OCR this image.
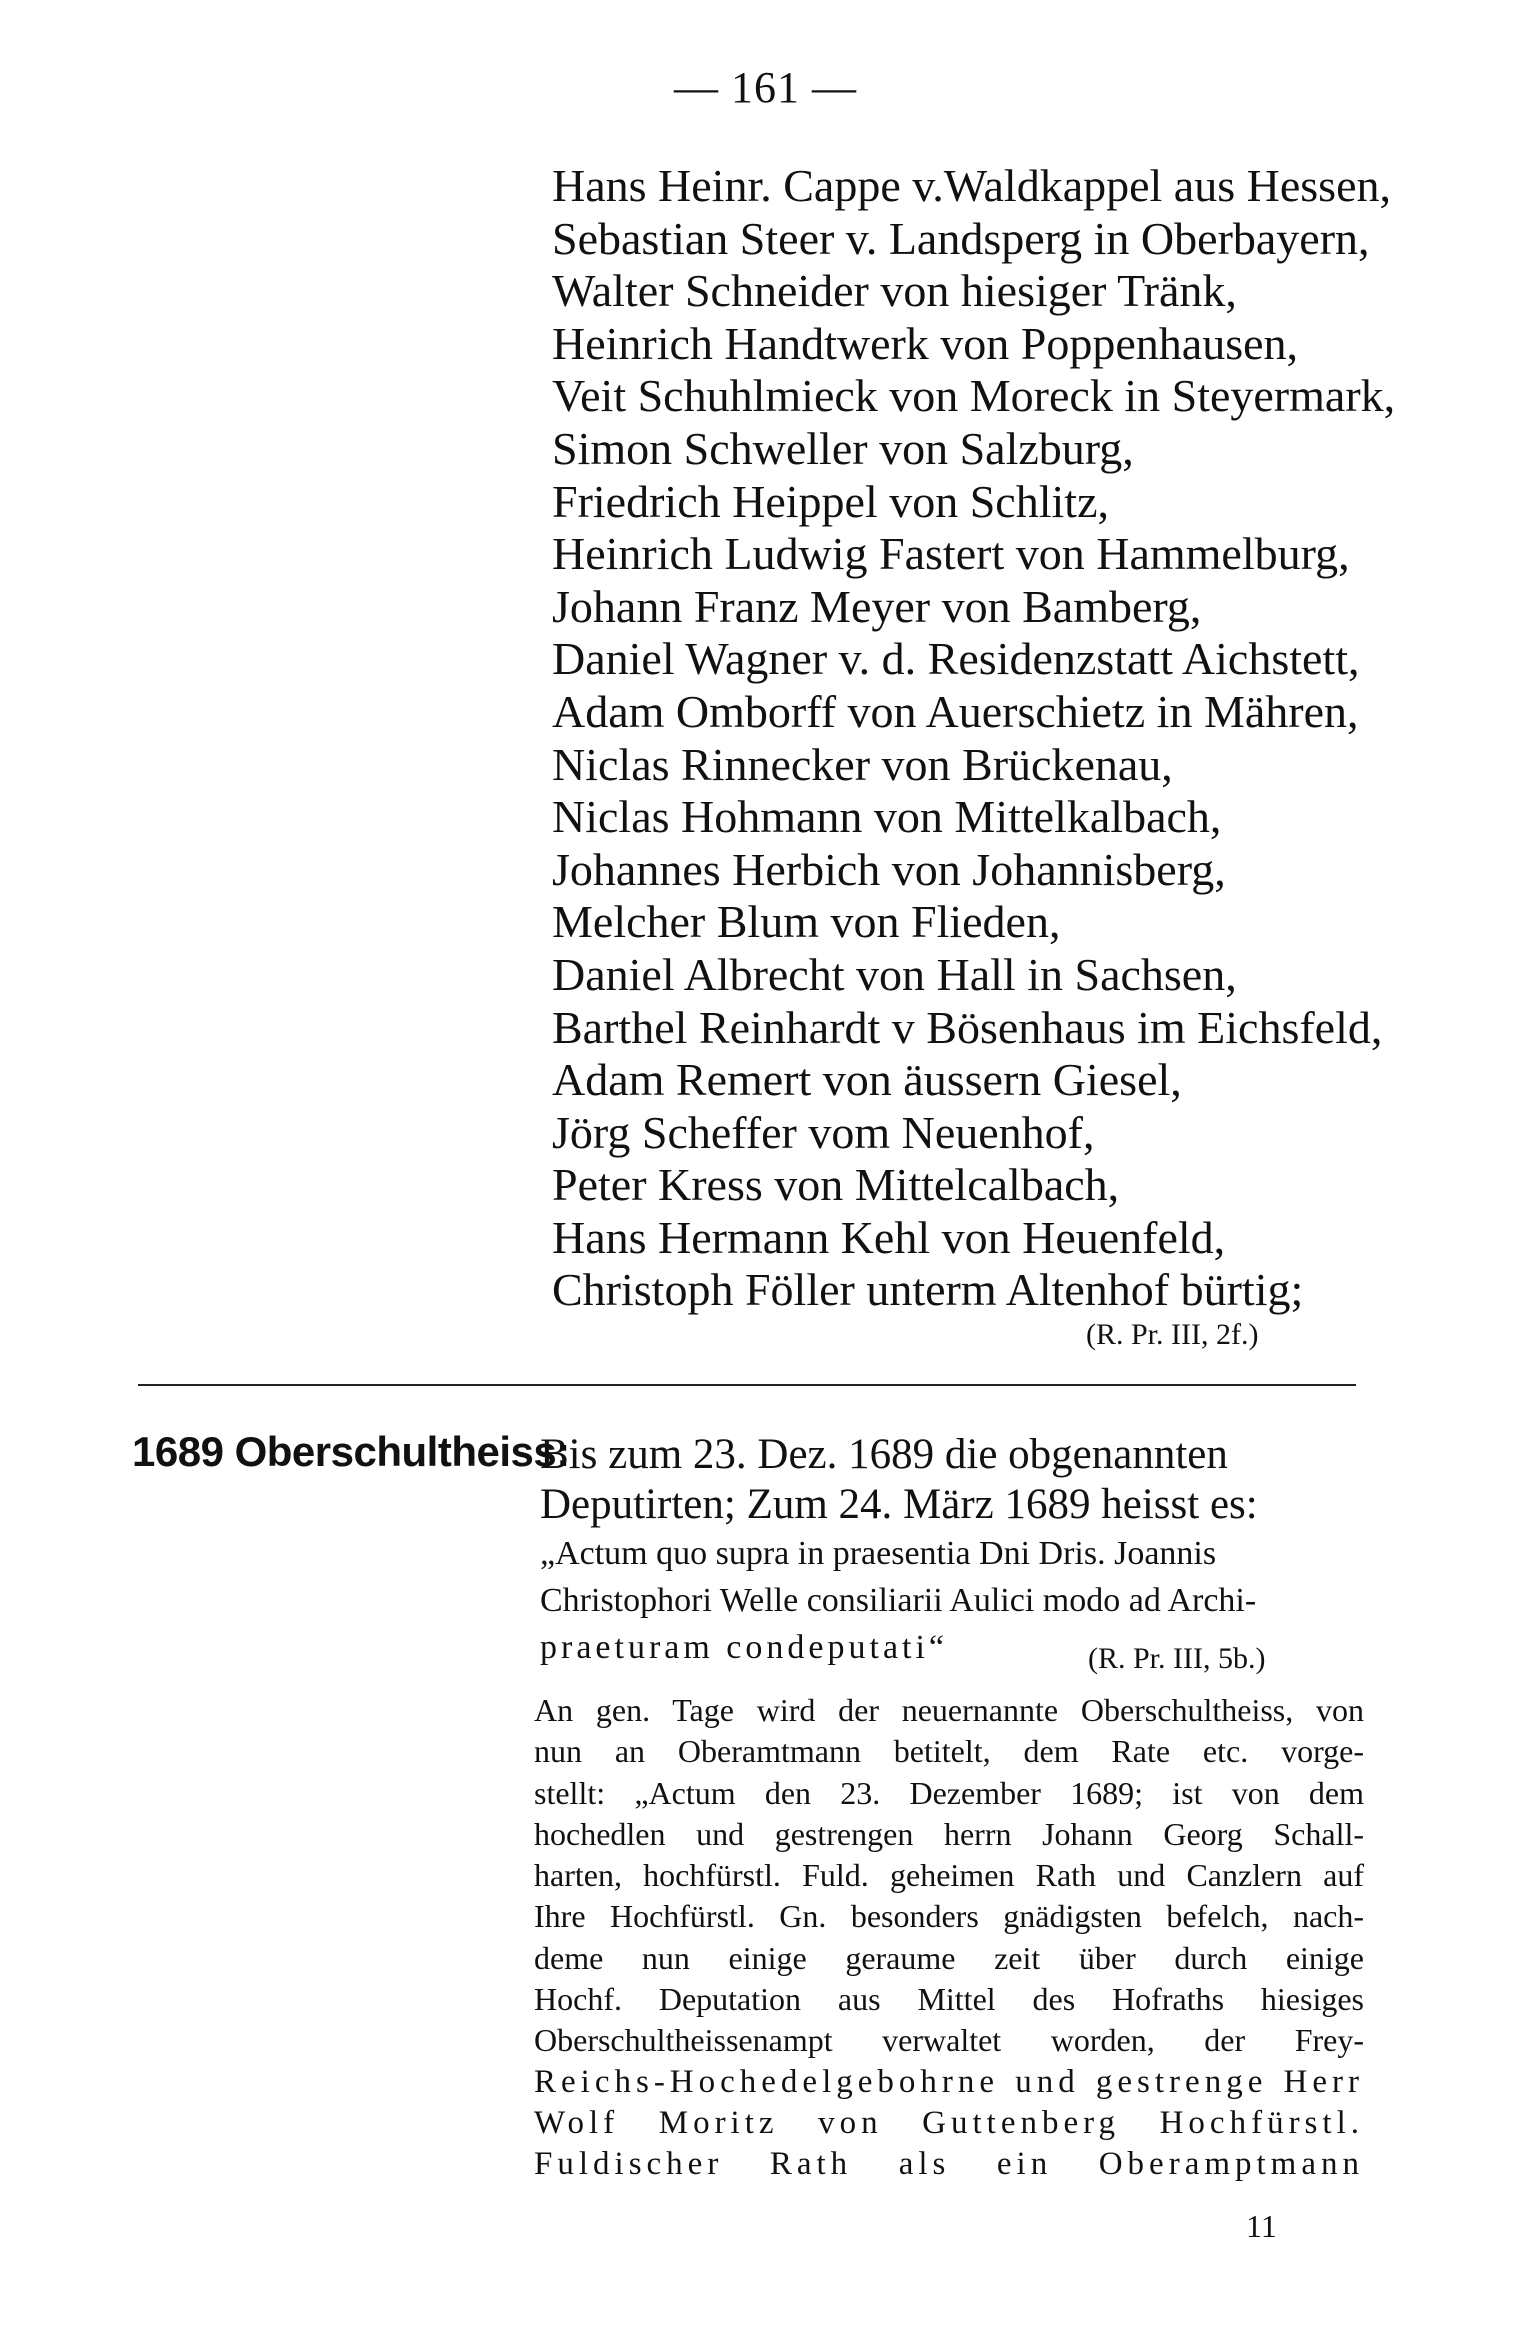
— 161 —
Hans Heinr. Cappe v.Waldkappel aus Hessen,
Sebastian Steer v. Landsperg in Oberbayern,
Walter Schneider von hiesiger Tränk,
Heinrich Handtwerk von Poppenhausen,
Veit Schuhlmieck von Moreck in Steyermark,
Simon Schweller von Salzburg,
Friedrich Heippel von Schlitz,
Heinrich Ludwig Fastert von Hammelburg,
Johann Franz Meyer von Bamberg,
Daniel Wagner v. d. Residenzstatt Aichstett,
Adam Omborff von Auerschietz in Mähren,
Niclas Rinnecker von Brückenau,
Niclas Hohmann von Mittelkalbach,
Johannes Herbich von Johannisberg,
Melcher Blum von Flieden,
Daniel Albrecht von Hall in Sachsen,
Barthel Reinhardt v Bösenhaus im Eichsfeld,
Adam Remert von äussern Giesel,
Jörg Scheffer vom Neuenhof,
Peter Kress von Mittelcalbach,
Hans Hermann Kehl von Heuenfeld,
Christoph Föller unterm Altenhof bürtig;
(R. Pr. III, 2f.)
1689 Oberschultheiss:
Bis zum 23. Dez. 1689 die obgenannten
Deputirten; Zum 24. März 1689 heisst es:
„Actum quo supra in praesentia Dni Dris. Joannis
Christophori Welle consiliarii Aulici modo ad Archi-
praeturam condeputati“	(R. Pr. III, 5b.)
An gen. Tage wird der neuernannte Oberschultheiss, von
nun an Oberamtmann betitelt, dem Rate etc. vorge-
stellt: „Actum den 23. Dezember 1689; ist von dem
hochedlen und gestrengen herrn Johann Georg Schall-
harten, hochfürstl. Fuld. geheimen Rath und Canzlern auf
Ihre Hochfürstl. Gn. besonders gnädigsten befelch, nach-
deme nun einige geraume zeit über durch einige
Hochf. Deputation aus Mittel des Hofraths hiesiges
Oberschultheissenampt verwaltet worden, der Frey-
Reichs-Hochedelgebohrne und gestrenge Herr
Wolf Moritz von Guttenberg Hochfürstl.
Fuldischer Rath als ein Oberamptmann
11
